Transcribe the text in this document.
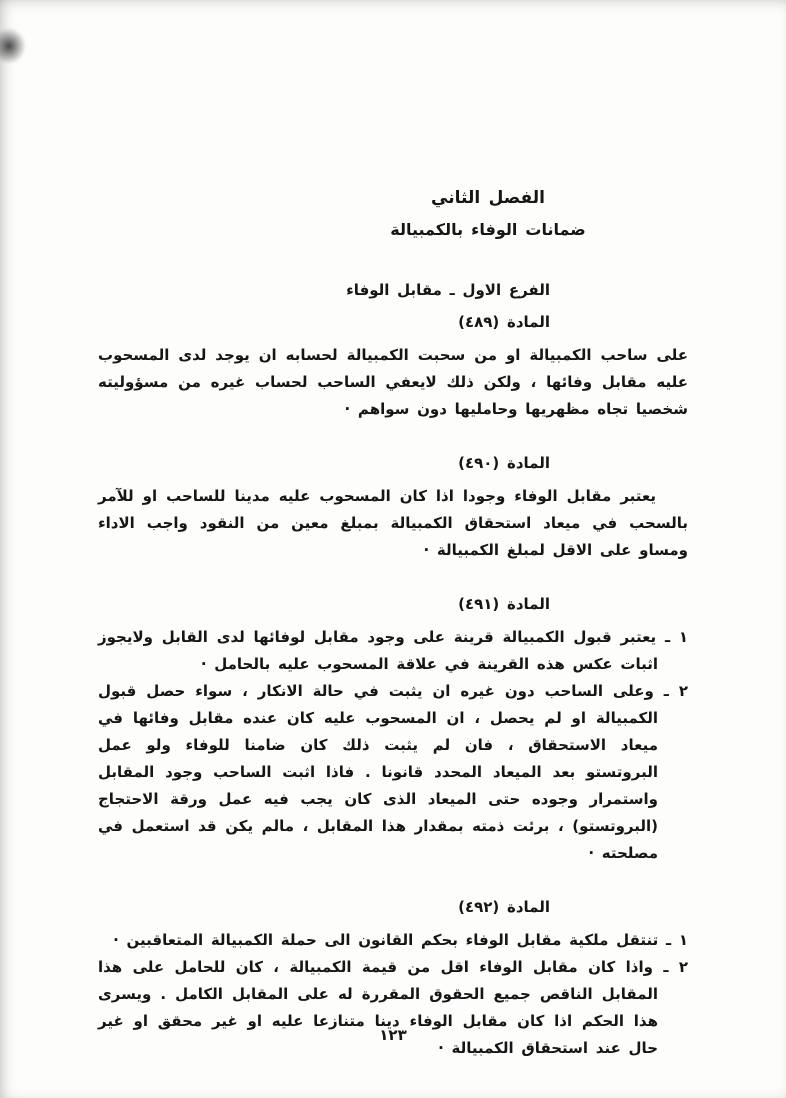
الفصل الثاني
ضمانات الوفاء بالكمبيالة
الفرع الاول ـ مقابل الوفاء
المادة (٤٨٩)

على ساحب الكمبيالة او من سحبت الكمبيالة لحسابه ان يوجد لدى المسحوب عليه مقابل وفائها ، ولكن ذلك لايعفي الساحب لحساب غيره من مسؤوليته شخصيا تجاه مظهريها وحامليها دون سواهم ·

المادة (٤٩٠)

يعتبر مقابل الوفاء وجودا اذا كان المسحوب عليه مدينا للساحب او للآمر بالسحب في ميعاد استحقاق الكمبيالة بمبلغ معين من النقود واجب الاداء ومساو على الاقل لمبلغ الكمبيالة ·

المادة (٤٩١)

١ ـ يعتبر قبول الكمبيالة قرينة على وجود مقابل لوفائها لدى القابل ولايجوز اثبات عكس هذه القرينة في علاقة المسحوب عليه بالحامل ·

٢ ـ وعلى الساحب دون غيره ان يثبت في حالة الانكار ، سواء حصل قبول الكمبيالة او لم يحصل ، ان المسحوب عليه كان عنده مقابل وفائها في ميعاد الاستحقاق ، فان لم يثبت ذلك كان ضامنا للوفاء ولو عمل البروتستو بعد الميعاد المحدد قانونا . فاذا اثبت الساحب وجود المقابل واستمرار وجوده حتى الميعاد الذى كان يجب فيه عمل ورقة الاحتجاج (البروتستو) ، برئت ذمته بمقدار هذا المقابل ، مالم يكن قد استعمل في مصلحته ·

المادة (٤٩٢)

١ ـ تنتقل ملكية مقابل الوفاء بحكم القانون الى حملة الكمبيالة المتعاقبين ·

٢ ـ واذا كان مقابل الوفاء اقل من قيمة الكمبيالة ، كان للحامل على هذا المقابل الناقص جميع الحقوق المقررة له على المقابل الكامل . ويسرى هذا الحكم اذا كان مقابل الوفاء دينا متنازعا عليه او غير محقق او غير حال عند استحقاق الكمبيالة ·

١٢٣
